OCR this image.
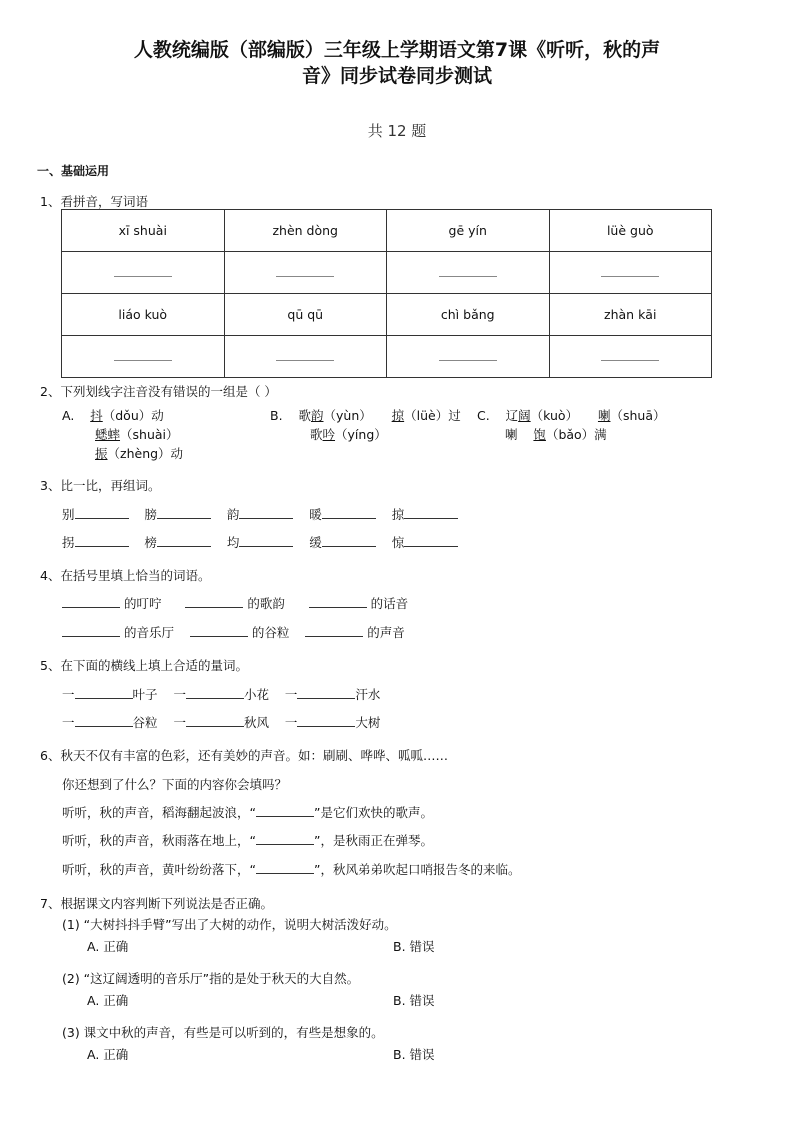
人教统编版（部编版）三年级上学期语文第7课《听听，秋的声
音》同步试卷同步测试
共 12 题
一、基础运用
1、看拼音，写词语
xī shuài	zhèn dòng	gē yín	lüè guò

liáo kuò	qū qū	chì bǎng	zhàn kāi

2、下列划线字注音没有错误的一组是（ ）
A. 抖（dǒu）动
蟋蟀（shuài）
振（zhèng）动
B. 歌韵（yùn） 掠（lüè）过
歌吟（yíng）
C. 辽阔（kuò） 喇（shuā）
喇 饱（bǎo）满
3、比一比，再组词。
别	膀	韵	暖	掠
拐	榜	均	缓	惊
4、在括号里填上恰当的词语。
的叮咛	的歌韵	的话音
的音乐厅	的谷粒	的声音
5、在下面的横线上填上合适的量词。
一	叶子 一	小花 一	汗水
一	谷粒 一	秋风 一	大树
6、秋天不仅有丰富的色彩，还有美妙的声音。如：刷刷、哗哗、呱呱……
你还想到了什么？下面的内容你会填吗？
听听，秋的声音，稻海翻起波浪，“	”是它们欢快的歌声。
听听，秋的声音，秋雨落在地上，“	”，是秋雨正在弹琴。
听听，秋的声音，黄叶纷纷落下，“	”，秋风弟弟吹起口哨报告冬的来临。
7、根据课文内容判断下列说法是否正确。
(1) “大树抖抖手臂”写出了大树的动作，说明大树活泼好动。
A. 正确	B. 错误
(2) “这辽阔透明的音乐厅”指的是处于秋天的大自然。
A. 正确	B. 错误
(3) 课文中秋的声音，有些是可以听到的，有些是想象的。
A. 正确	B. 错误
